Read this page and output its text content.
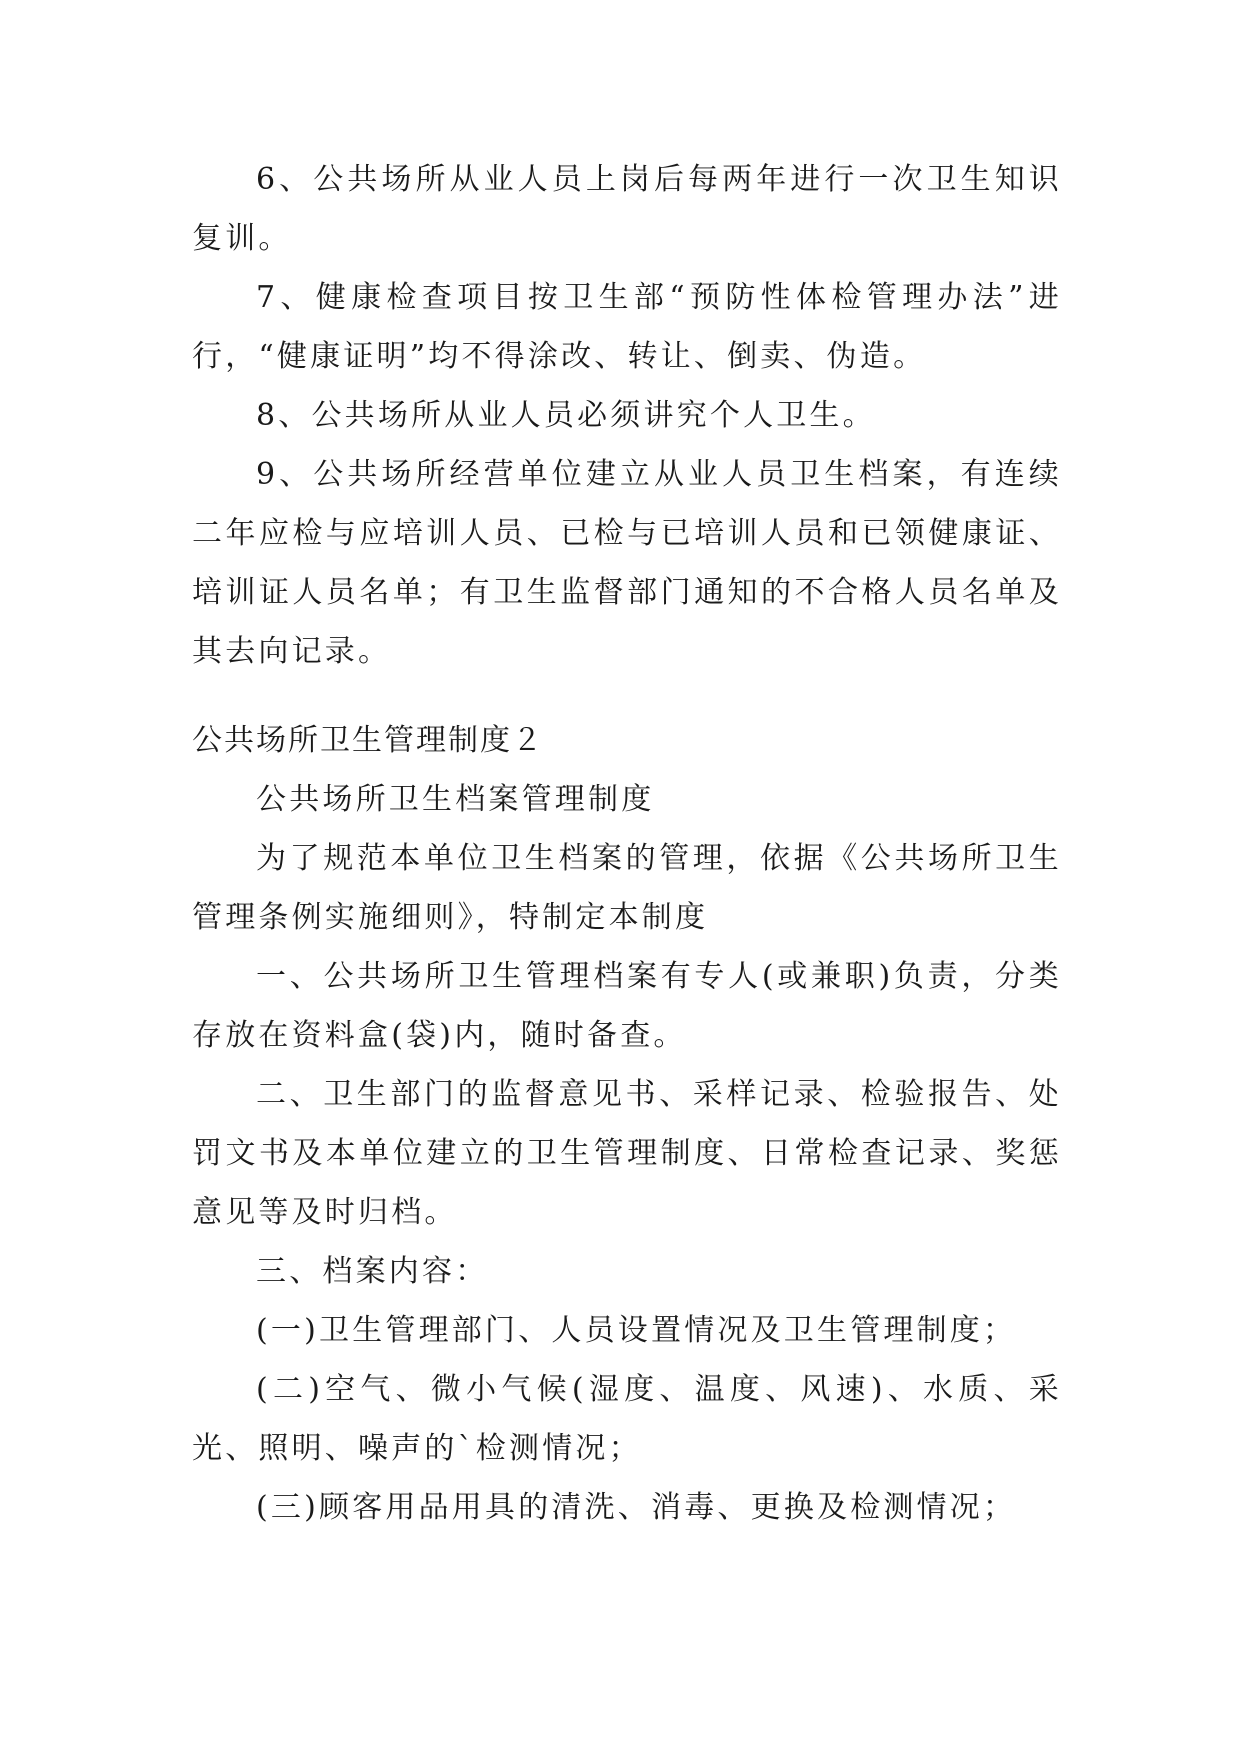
6、公共场所从业人员上岗后每两年进行一次卫生知识复训。
7、健康检查项目按卫生部“预防性体检管理办法”进行，“健康证明”均不得涂改、转让、倒卖、伪造。
8、公共场所从业人员必须讲究个人卫生。
9、公共场所经营单位建立从业人员卫生档案，有连续二年应检与应培训人员、已检与已培训人员和已领健康证、培训证人员名单；有卫生监督部门通知的不合格人员名单及其去向记录。
公共场所卫生管理制度２
公共场所卫生档案管理制度
为了规范本单位卫生档案的管理，依据《公共场所卫生管理条例实施细则》，特制定本制度
一、公共场所卫生管理档案有专人(或兼职)负责，分类存放在资料盒(袋)内，随时备查。
二、卫生部门的监督意见书、采样记录、检验报告、处罚文书及本单位建立的卫生管理制度、日常检查记录、奖惩意见等及时归档。
三、档案内容：
(一)卫生管理部门、人员设置情况及卫生管理制度；
(二)空气、微小气候(湿度、温度、风速)、水质、采光、照明、噪声的`检测情况；
(三)顾客用品用具的清洗、消毒、更换及检测情况；
